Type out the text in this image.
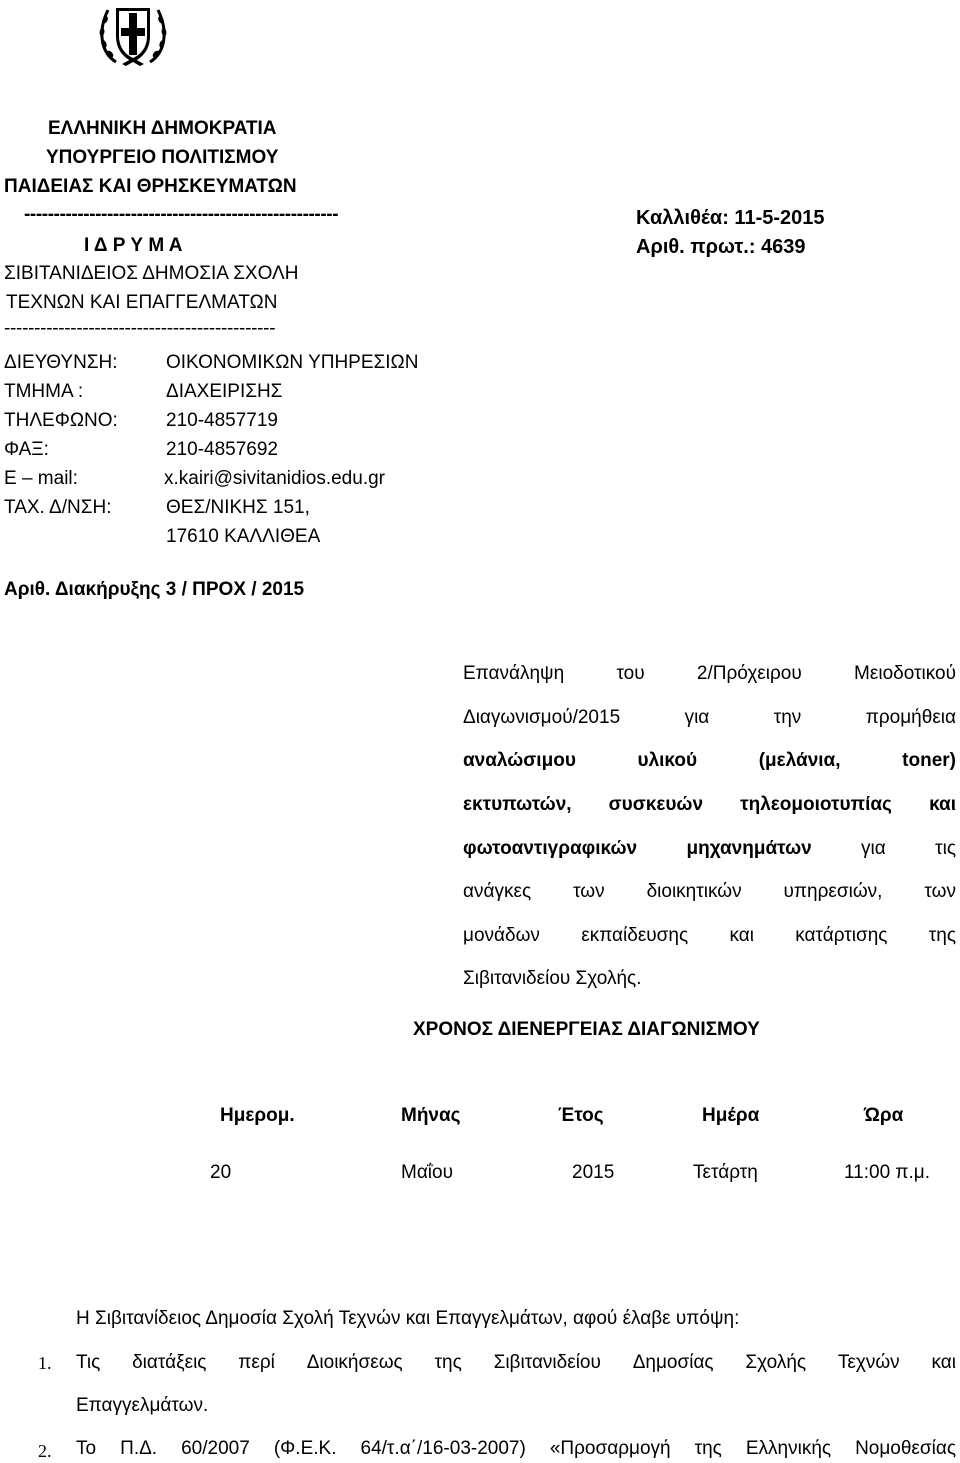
ΕΛΛΗΝΙΚΗ ΔΗΜΟΚΡΑΤΙΑ
ΥΠΟΥΡΓΕΙΟ ΠΟΛΙΤΙΣΜΟΥ
ΠΑΙΔΕΙΑΣ ΚΑΙ ΘΡΗΣΚΕΥΜΑΤΩΝ
-----------------------------------------------------
Ι Δ Ρ Υ Μ Α
ΣΙΒΙΤΑΝΙΔΕΙΟΣ ΔΗΜΟΣΙΑ ΣΧΟΛΗ
ΤΕΧΝΩΝ ΚΑΙ ΕΠΑΓΓΕΛΜΑΤΩΝ
---------------------------------------------
Καλλιθέα: 11-5-2015
Αριθ. πρωτ.: 4639
ΔΙΕΥΘΥΝΣΗ:	ΟΙΚΟΝΟΜΙΚΩΝ ΥΠΗΡΕΣΙΩΝ
ΤΜΗΜΑ :	ΔΙΑΧΕΙΡΙΣΗΣ
ΤΗΛΕΦΩΝΟ:	210-4857719
ΦΑΞ:	210-4857692
Ε – mail:	x.kairi@sivitanidios.edu.gr
ΤΑΧ. Δ/ΝΣΗ:	ΘΕΣ/ΝΙΚΗΣ 151,
17610 ΚΑΛΛΙΘΕΑ
Αριθ. Διακήρυξης 3 / ΠΡΟΧ / 2015
Επανάληψη	του	2/Πρόχειρου	Μειοδοτικού
Διαγωνισμού/2015	για	την	προμήθεια
αναλώσιμου	υλικού	(μελάνια,	toner)
εκτυπωτών, συσκευών τηλεομοιοτυπίας και
φωτοαντιγραφικών	μηχανημάτων	για	τις
ανάγκες των διοικητικών υπηρεσιών, των
μονάδων εκπαίδευσης και κατάρτισης της
Σιβιτανιδείου Σχολής.
ΧΡΟΝΟΣ ΔΙΕΝΕΡΓΕΙΑΣ ΔΙΑΓΩΝΙΣΜΟΥ
Ημερομ.	Μήνας	Έτος	Ημέρα	Ώρα
20	Μαΐου	2015	Τετάρτη	11:00 π.μ.
Η Σιβιτανίδειος Δημοσία Σχολή Τεχνών και Επαγγελμάτων, αφού έλαβε υπόψη:
1. Τις διατάξεις περί Διοικήσεως της Σιβιτανιδείου Δημοσίας Σχολής Τεχνών και
Επαγγελμάτων.
2. Το Π.Δ. 60/2007 (Φ.Ε.Κ. 64/τ.α΄/16-03-2007) «Προσαρμογή της Ελληνικής Νομοθεσίας
